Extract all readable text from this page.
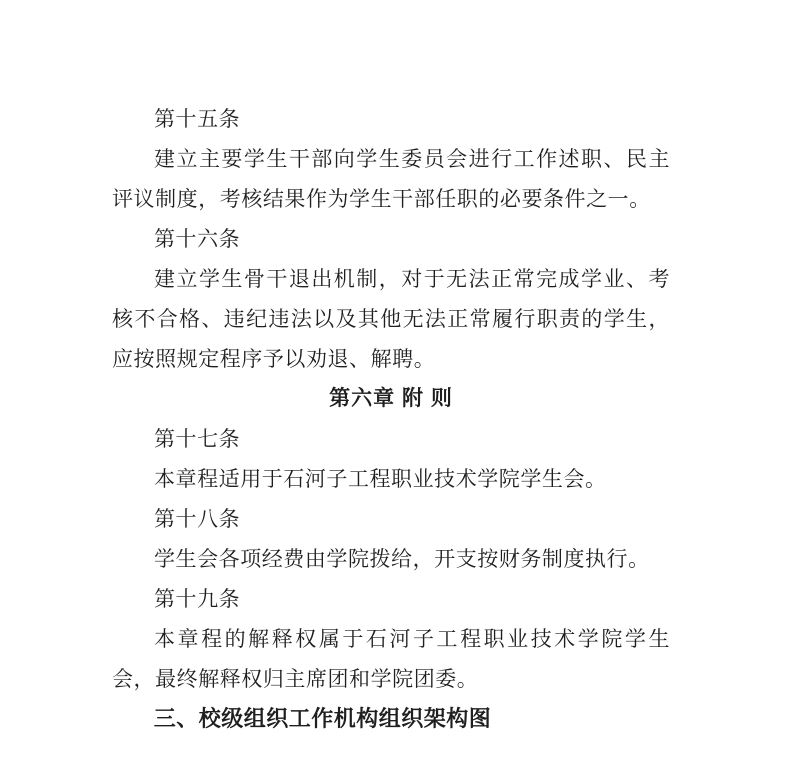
第十五条

建立主要学生干部向学生委员会进行工作述职、民主评议制度，考核结果作为学生干部任职的必要条件之一。

第十六条

建立学生骨干退出机制，对于无法正常完成学业、考核不合格、违纪违法以及其他无法正常履行职责的学生，应按照规定程序予以劝退、解聘。

第六章 附 则

第十七条

本章程适用于石河子工程职业技术学院学生会。

第十八条

学生会各项经费由学院拨给，开支按财务制度执行。

第十九条

本章程的解释权属于石河子工程职业技术学院学生会，最终解释权归主席团和学院团委。

三、校级组织工作机构组织架构图
